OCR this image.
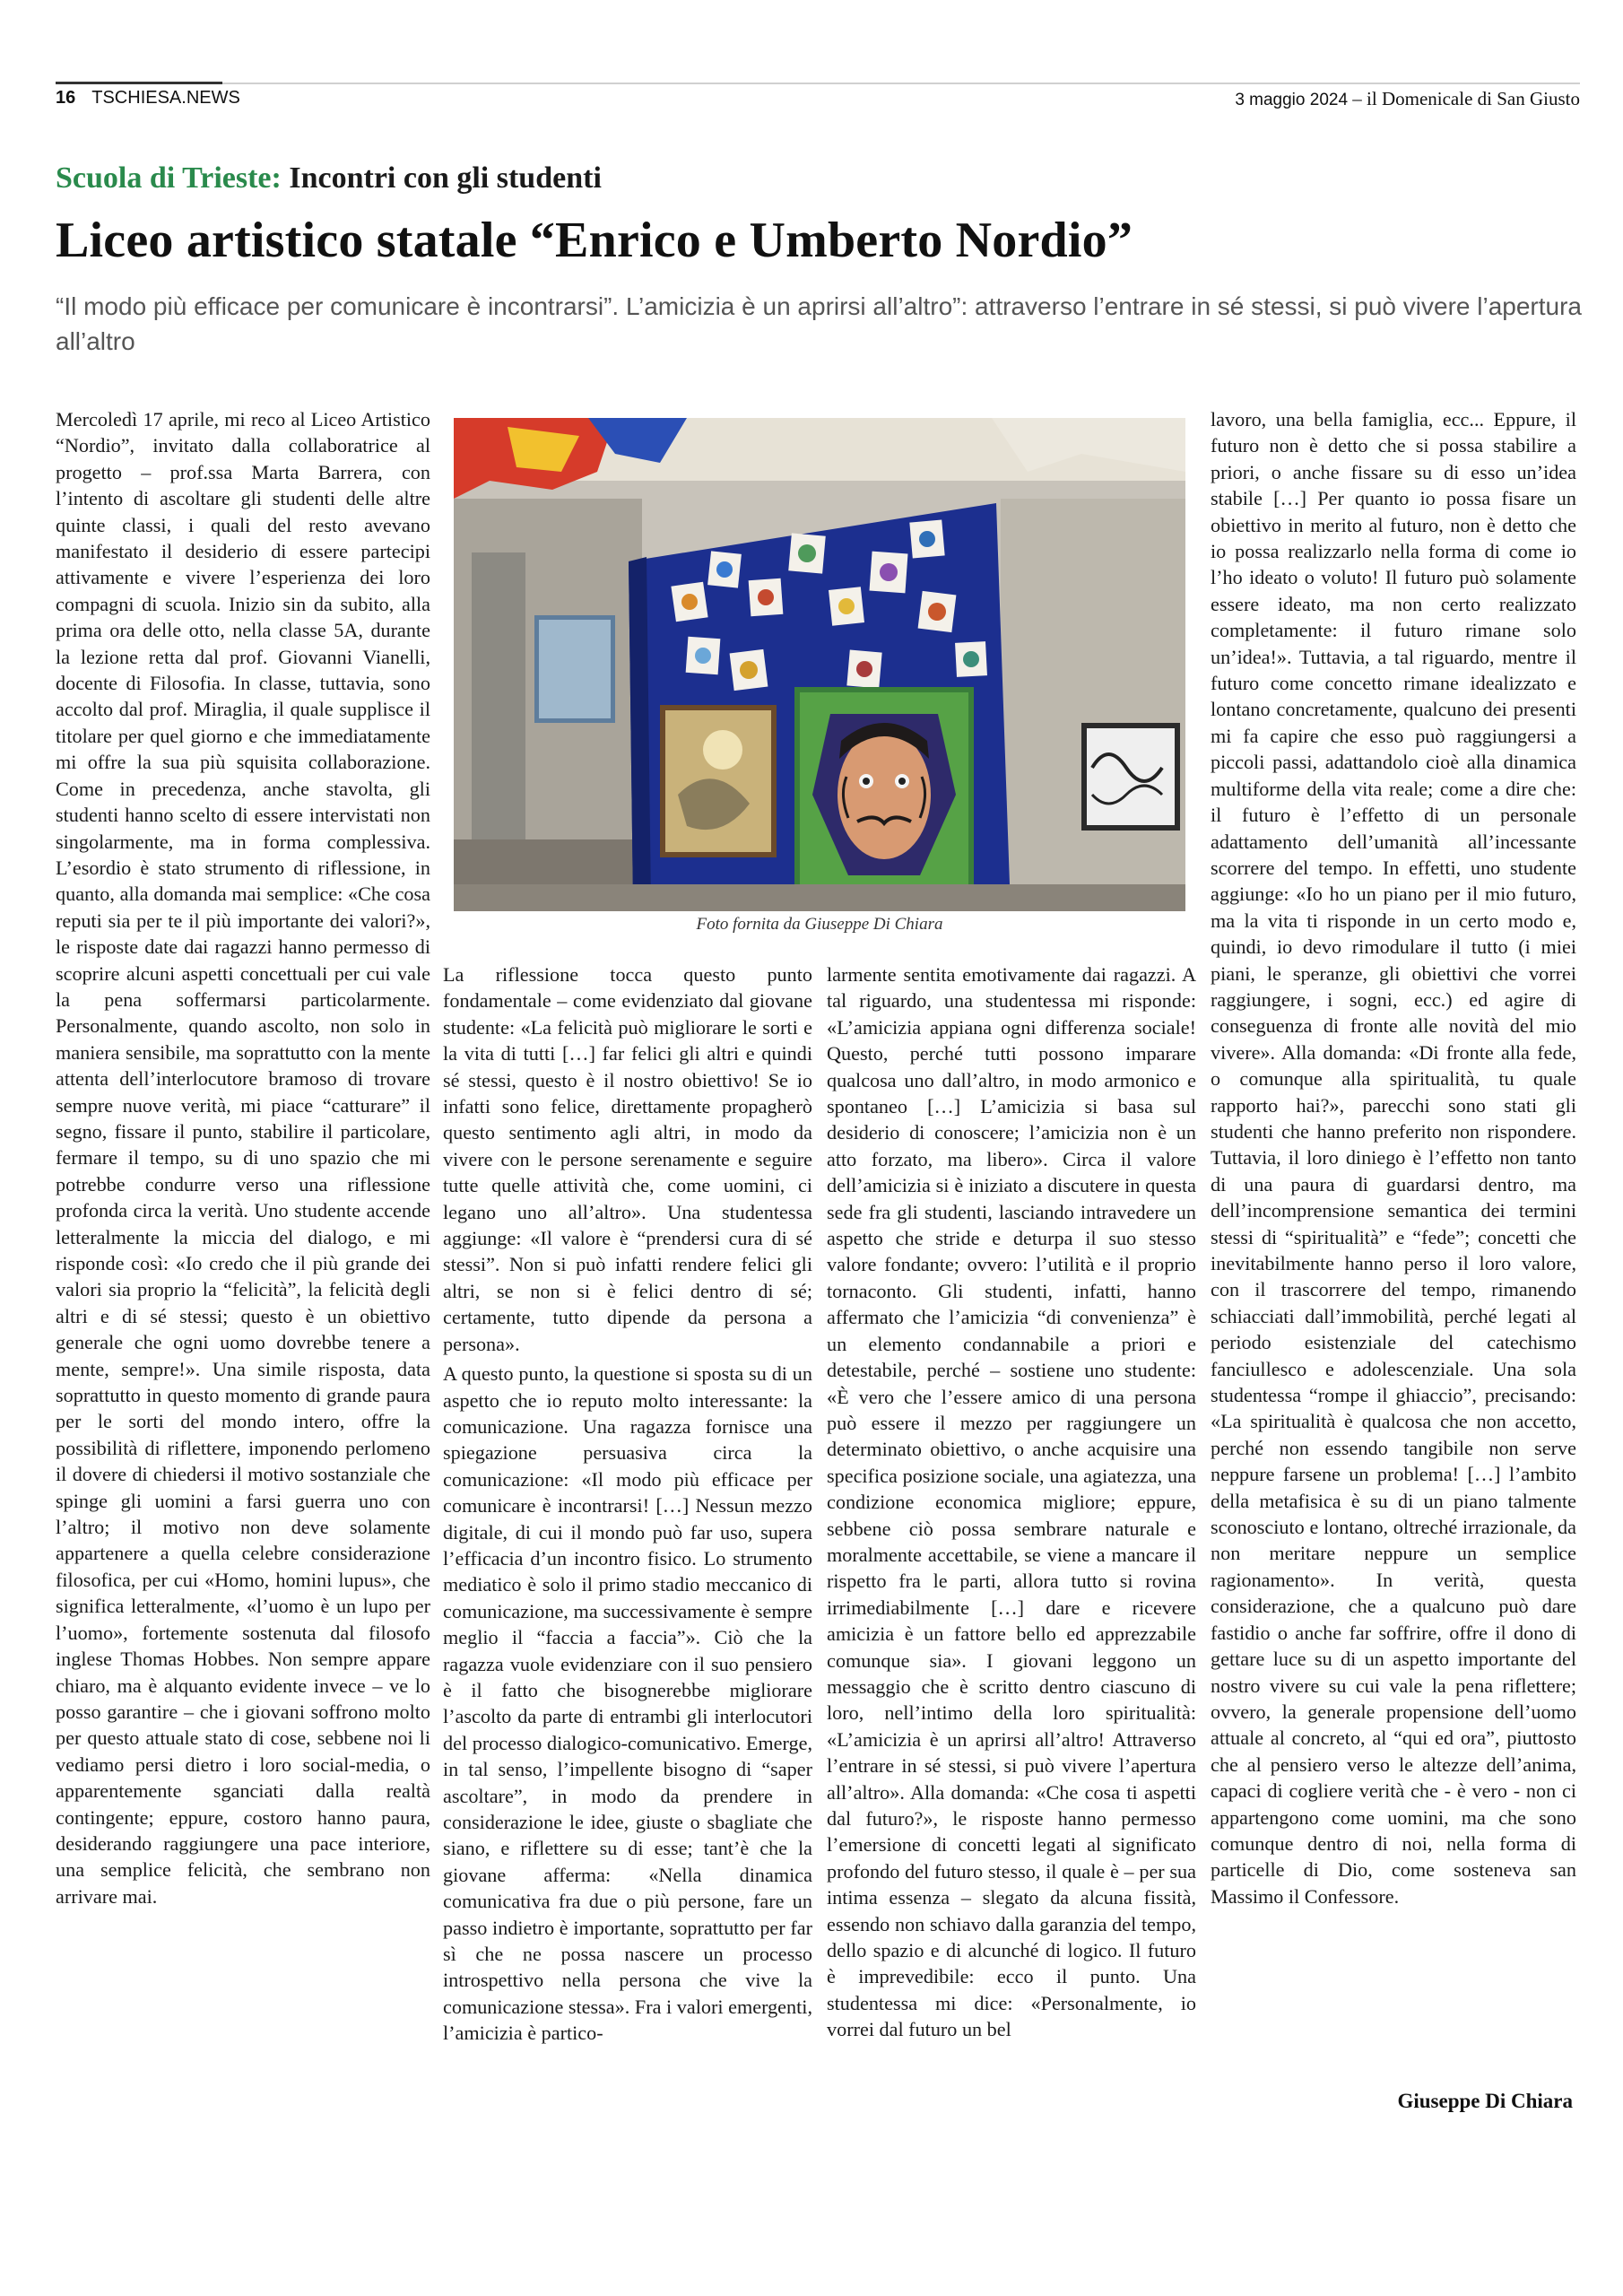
16 TSCHIESA.NEWS	3 maggio 2024 – il Domenicale di San Giusto
Scuola di Trieste: Incontri con gli studenti
Liceo artistico statale “Enrico e Umberto Nordio”
“Il modo più efficace per comunicare è incontrarsi”. L’amicizia è un aprirsi all’altro”: attraverso l’entrare in sé stessi, si può vivere l’apertura all’altro

Mercoledì 17 aprile, mi reco al Liceo Artistico “Nordio”, invitato dalla collaboratrice al progetto – prof.ssa Marta Barrera, con l’intento di ascoltare gli studenti delle altre quinte classi, i quali del resto avevano manifestato il desiderio di essere partecipi attivamente e vivere l’esperienza dei loro compagni di scuola. Inizio sin da subito, alla prima ora delle otto, nella classe 5A, durante la lezione retta dal prof. Giovanni Vianelli, docente di Filosofia. In classe, tuttavia, sono accolto dal prof. Miraglia, il quale supplisce il titolare per quel giorno e che immediatamente mi offre la sua più squisita collaborazione. Come in precedenza, anche stavolta, gli studenti hanno scelto di essere intervistati non singolarmente, ma in forma complessiva. L’esordio è stato strumento di riflessione, in quanto, alla domanda mai semplice: «Che cosa reputi sia per te il più importante dei valori?», le risposte date dai ragazzi hanno permesso di scoprire alcuni aspetti concettuali per cui vale la pena soffermarsi particolarmente. Personalmente, quando ascolto, non solo in maniera sensibile, ma soprattutto con la mente attenta dell’interlocutore bramoso di trovare sempre nuove verità, mi piace “catturare” il segno, fissare il punto, stabilire il particolare, fermare il tempo, su di uno spazio che mi potrebbe condurre verso una riflessione profonda circa la verità. Uno studente accende letteralmente la miccia del dialogo, e mi risponde così: «Io credo che il più grande dei valori sia proprio la “felicità”, la felicità degli altri e di sé stessi; questo è un obiettivo generale che ogni uomo dovrebbe tenere a mente, sempre!». Una simile risposta, data soprattutto in questo momento di grande paura per le sorti del mondo intero, offre la possibilità di riflettere, imponendo perlomeno il dovere di chiedersi il motivo sostanziale che spinge gli uomini a farsi guerra uno con l’altro; il motivo non deve solamente appartenere a quella celebre considerazione filosofica, per cui «Homo, homini lupus», che significa letteralmente, «l’uomo è un lupo per l’uomo», fortemente sostenuta dal filosofo inglese Thomas Hobbes. Non sempre appare chiaro, ma è alquanto evidente invece – ve lo posso garantire – che i giovani soffrono molto per questo attuale stato di cose, sebbene noi li vediamo persi dietro i loro social-media, o apparentemente sganciati dalla realtà contingente; eppure, costoro hanno paura, desiderando raggiungere una pace interiore, una semplice felicità, che sembrano non arrivare mai.

Foto fornita da Giuseppe Di Chiara

La riflessione tocca questo punto fondamentale – come evidenziato dal giovane studente: «La felicità può migliorare le sorti e la vita di tutti […] far felici gli altri e quindi sé stessi, questo è il nostro obiettivo! Se io infatti sono felice, direttamente propagherò questo sentimento agli altri, in modo da vivere con le persone serenamente e seguire tutte quelle attività che, come uomini, ci legano uno all’altro». Una studentessa aggiunge: «Il valore è “prendersi cura di sé stessi”. Non si può infatti rendere felici gli altri, se non si è felici dentro di sé; certamente, tutto dipende da persona a persona».

A questo punto, la questione si sposta su di un aspetto che io reputo molto interessante: la comunicazione. Una ragazza fornisce una spiegazione persuasiva circa la comunicazione: «Il modo più efficace per comunicare è incontrarsi! […] Nessun mezzo digitale, di cui il mondo può far uso, supera l’efficacia d’un incontro fisico. Lo strumento mediatico è solo il primo stadio meccanico di comunicazione, ma successivamente è sempre meglio il “faccia a faccia”». Ciò che la ragazza vuole evidenziare con il suo pensiero è il fatto che bisognerebbe migliorare l’ascolto da parte di entrambi gli interlocutori del processo dialogico-comunicativo. Emerge, in tal senso, l’impellente bisogno di “saper ascoltare”, in modo da prendere in considerazione le idee, giuste o sbagliate che siano, e riflettere su di esse; tant’è che la giovane afferma: «Nella dinamica comunicativa fra due o più persone, fare un passo indietro è importante, soprattutto per far sì che ne possa nascere un processo introspettivo nella persona che vive la comunicazione stessa». Fra i valori emergenti, l’amicizia è partico-

larmente sentita emotivamente dai ragazzi. A tal riguardo, una studentessa mi risponde: «L’amicizia appiana ogni differenza sociale! Questo, perché tutti possono imparare qualcosa uno dall’altro, in modo armonico e spontaneo […] L’amicizia si basa sul desiderio di conoscere; l’amicizia non è un atto forzato, ma libero». Circa il valore dell’amicizia si è iniziato a discutere in questa sede fra gli studenti, lasciando intravedere un aspetto che stride e deturpa il suo stesso valore fondante; ovvero: l’utilità e il proprio tornaconto. Gli studenti, infatti, hanno affermato che l’amicizia “di convenienza” è un elemento condannabile a priori e detestabile, perché – sostiene uno studente: «È vero che l’essere amico di una persona può essere il mezzo per raggiungere un determinato obiettivo, o anche acquisire una specifica posizione sociale, una agiatezza, una condizione economica migliore; eppure, sebbene ciò possa sembrare naturale e moralmente accettabile, se viene a mancare il rispetto fra le parti, allora tutto si rovina irrimediabilmente […] dare e ricevere amicizia è un fattore bello ed apprezzabile comunque sia». I giovani leggono un messaggio che è scritto dentro ciascuno di loro, nell’intimo della loro spiritualità: «L’amicizia è un aprirsi all’altro! Attraverso l’entrare in sé stessi, si può vivere l’apertura all’altro». Alla domanda: «Che cosa ti aspetti dal futuro?», le risposte hanno permesso l’emersione di concetti legati al significato profondo del futuro stesso, il quale è – per sua intima essenza – slegato da alcuna fissità, essendo non schiavo dalla garanzia del tempo, dello spazio e di alcunché di logico. Il futuro è imprevedibile: ecco il punto. Una studentessa mi dice: «Personalmente, io vorrei dal futuro un bel

lavoro, una bella famiglia, ecc... Eppure, il futuro non è detto che si possa stabilire a priori, o anche fissare su di esso un’idea stabile […] Per quanto io possa fisare un obiettivo in merito al futuro, non è detto che io possa realizzarlo nella forma di come io l’ho ideato o voluto! Il futuro può solamente essere ideato, ma non certo realizzato completamente: il futuro rimane solo un’idea!». Tuttavia, a tal riguardo, mentre il futuro come concetto rimane idealizzato e lontano concretamente, qualcuno dei presenti mi fa capire che esso può raggiungersi a piccoli passi, adattandolo cioè alla dinamica multiforme della vita reale; come a dire che: il futuro è l’effetto di un personale adattamento dell’umanità all’incessante scorrere del tempo. In effetti, uno studente aggiunge: «Io ho un piano per il mio futuro, ma la vita ti risponde in un certo modo e, quindi, io devo rimodulare il tutto (i miei piani, le speranze, gli obiettivi che vorrei raggiungere, i sogni, ecc.) ed agire di conseguenza di fronte alle novità del mio vivere». Alla domanda: «Di fronte alla fede, o comunque alla spiritualità, tu quale rapporto hai?», parecchi sono stati gli studenti che hanno preferito non rispondere. Tuttavia, il loro diniego è l’effetto non tanto di una paura di guardarsi dentro, ma dell’incomprensione semantica dei termini stessi di “spiritualità” e “fede”; concetti che inevitabilmente hanno perso il loro valore, con il trascorrere del tempo, rimanendo schiacciati dall’immobilità, perché legati al periodo esistenziale del catechismo fanciullesco e adolescenziale. Una sola studentessa “rompe il ghiaccio”, precisando: «La spiritualità è qualcosa che non accetto, perché non essendo tangibile non serve neppure farsene un problema! […] l’ambito della metafisica è su di un piano talmente sconosciuto e lontano, oltreché irrazionale, da non meritare neppure un semplice ragionamento». In verità, questa considerazione, che a qualcuno può dare fastidio o anche far soffrire, offre il dono di gettare luce su di un aspetto importante del nostro vivere su cui vale la pena riflettere; ovvero, la generale propensione dell’uomo attuale al concreto, al “qui ed ora”, piuttosto che al pensiero verso le altezze dell’anima, capaci di cogliere verità che - è vero - non ci appartengono come uomini, ma che sono comunque dentro di noi, nella forma di particelle di Dio, come sosteneva san Massimo il Confessore.

Giuseppe Di Chiara
